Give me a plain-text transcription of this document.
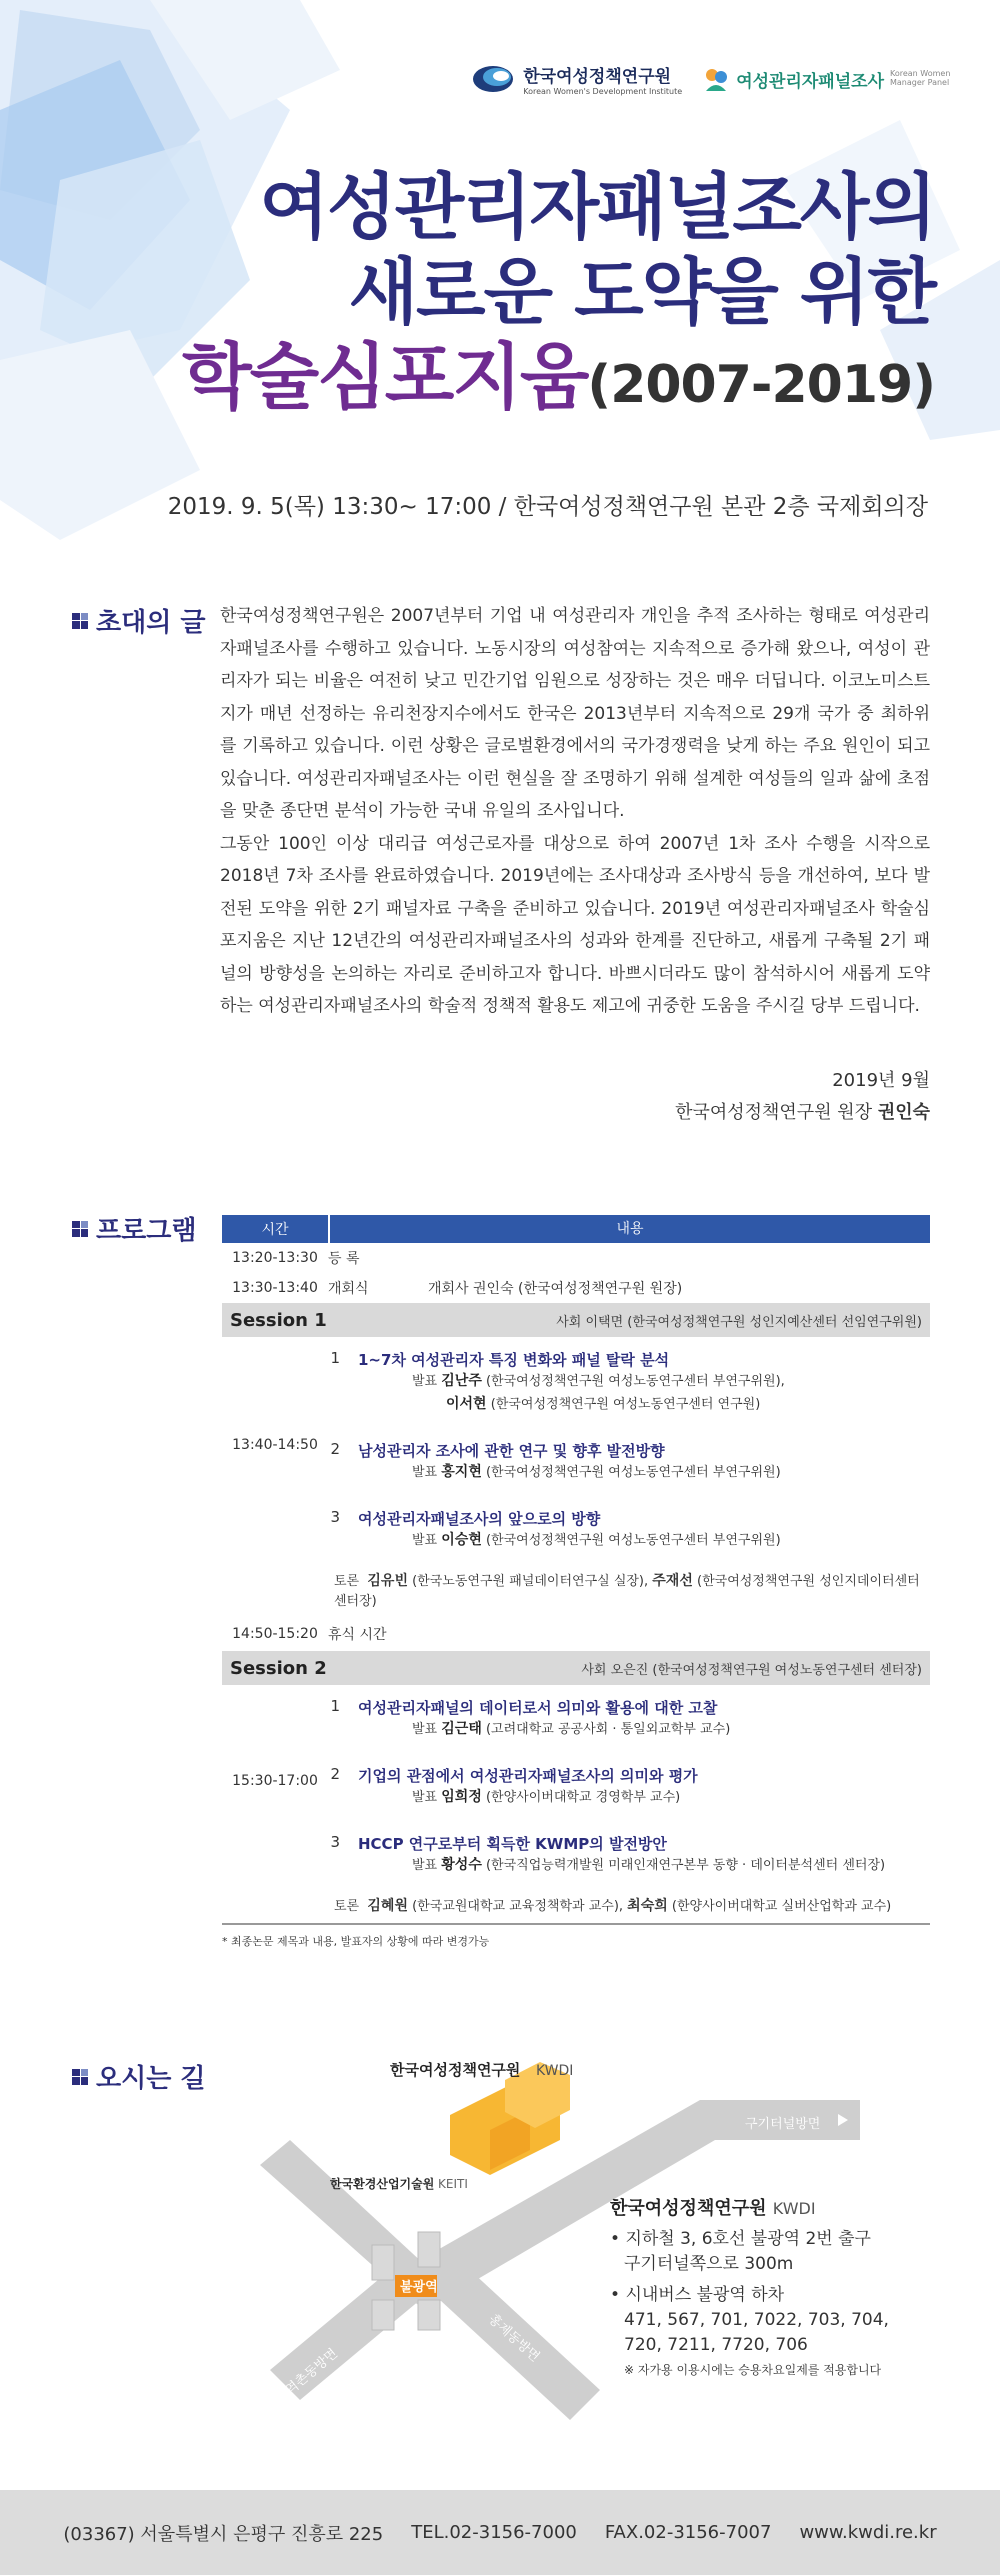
한국여성정책연구원
Korean Women's Development Institute	여성관리자패널조사 Korean Women Manager Panel
여성관리자패널조사의
새로운 도약을 위한
학술심포지움(2007-2019)
2019. 9. 5(목) 13:30~ 17:00 / 한국여성정책연구원 본관 2층 국제회의장
초대의 글 한국여성정책연구원은 2007년부터 기업 내 여성관리자 개인을 추적 조사하는 형태로 여성관리자패널조사를 수행하고 있습니다. 노동시장의 여성참여는 지속적으로 증가해 왔으나, 여성이 관리자가 되는 비율은 여전히 낮고 민간기업 임원으로 성장하는 것은 매우 더딥니다. 이코노미스트지가 매년 선정하는 유리천장지수에서도 한국은 2013년부터 지속적으로 29개 국가 중 최하위를 기록하고 있습니다. 이런 상황은 글로벌환경에서의 국가경쟁력을 낮게 하는 주요 원인이 되고 있습니다. 여성관리자패널조사는 이런 현실을 잘 조명하기 위해 설계한 여성들의 일과 삶에 초점을 맞춘 종단면 분석이 가능한 국내 유일의 조사입니다.

그동안 100인 이상 대리급 여성근로자를 대상으로 하여 2007년 1차 조사 수행을 시작으로 2018년 7차 조사를 완료하였습니다. 2019년에는 조사대상과 조사방식 등을 개선하여, 보다 발전된 도약을 위한 2기 패널자료 구축을 준비하고 있습니다. 2019년 여성관리자패널조사 학술심포지움은 지난 12년간의 여성관리자패널조사의 성과와 한계를 진단하고, 새롭게 구축될 2기 패널의 방향성을 논의하는 자리로 준비하고자 합니다. 바쁘시더라도 많이 참석하시어 새롭게 도약하는 여성관리자패널조사의 학술적 정책적 활용도 제고에 귀중한 도움을 주시길 당부 드립니다.

2019년 9월
한국여성정책연구원 원장 권인숙
프로그램	시간	내용
13:20-13:30 등 록
13:30-13:40 개회식	개회사 권인숙 (한국여성정책연구원 원장)
Session 1	사회 이택면 (한국여성정책연구원 성인지예산센터 선임연구위원)
13:40-14:50
1 1~7차 여성관리자 특징 변화와 패널 탈락 분석
발표 김난주 (한국여성정책연구원 여성노동연구센터 부연구위원),
이서현 (한국여성정책연구원 여성노동연구센터 연구원)
2 남성관리자 조사에 관한 연구 및 향후 발전방향
발표 홍지현 (한국여성정책연구원 여성노동연구센터 부연구위원)
3 여성관리자패널조사의 앞으로의 방향
발표 이승현 (한국여성정책연구원 여성노동연구센터 부연구위원)
토론 김유빈 (한국노동연구원 패널데이터연구실 실장), 주재선 (한국여성정책연구원 성인지데이터센터 센터장)
14:50-15:20 휴식 시간
Session 2	사회 오은진 (한국여성정책연구원 여성노동연구센터 센터장)
15:30-17:00
1 여성관리자패널의 데이터로서 의미와 활용에 대한 고찰
발표 김근태 (고려대학교 공공사회 · 통일외교학부 교수)
2 기업의 관점에서 여성관리자패널조사의 의미와 평가
발표 임희정 (한양사이버대학교 경영학부 교수)
3 HCCP 연구로부터 획득한 KWMP의 발전방안
발표 황성수 (한국직업능력개발원 미래인재연구본부 동향 · 데이터분석센터 센터장)
토론 김혜원 (한국교원대학교 교육정책학과 교수), 최숙희 (한양사이버대학교 실버산업학과 교수)
* 최종논문 제목과 내용, 발표자의 상황에 따라 변경가능
오시는 길
구기터널방면
연신내방면
역촌동방면
홍제동방면
한국여성정책연구원 KWDI
한국환경산업기술원 KEITI
불광역
한국여성정책연구원 KWDI
• 지하철 3, 6호선 불광역 2번 출구
구기터널쪽으로 300m
• 시내버스 불광역 하차
471, 567, 701, 7022, 703, 704,
720, 7211, 7720, 706
※ 자가용 이용시에는 승용차요일제를 적용합니다
(03367) 서울특별시 은평구 진흥로 225 TEL.02-3156-7000 FAX.02-3156-7007 www.kwdi.re.kr
